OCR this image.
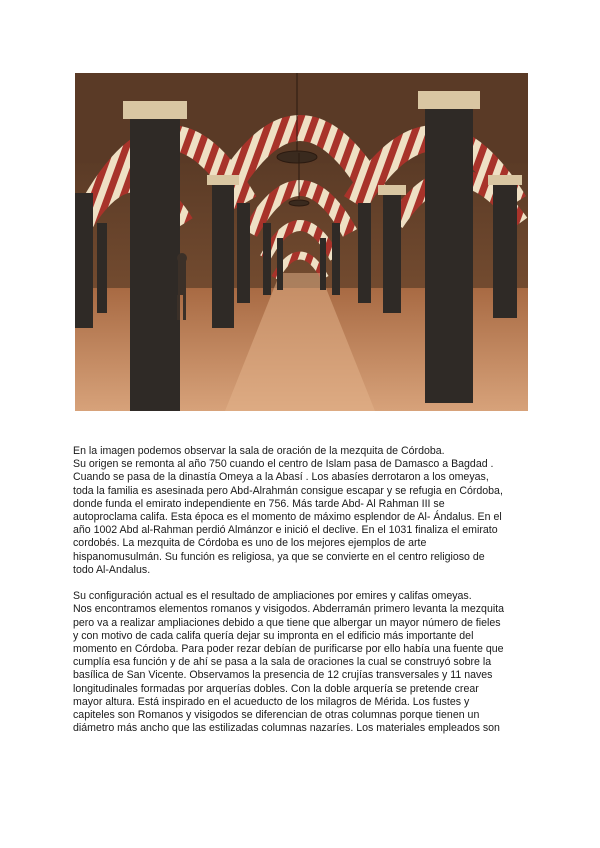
En la imagen podemos observar la sala de oración de la mezquita de Córdoba.
Su origen se remonta al año 750 cuando el centro de Islam pasa de Damasco a Bagdad .
Cuando se pasa de la dinastía Omeya a la Abasí . Los abasíes derrotaron a los omeyas,
toda la familia es asesinada pero Abd-Alrahmán consigue escapar y se refugia en Córdoba,
donde funda el emirato independiente en 756. Más tarde Abd- Al Rahman III se
autoproclama califa. Esta época es el momento de máximo esplendor de Al- Ándalus. En el
año 1002 Abd al-Rahman perdió Almánzor e inició el declive. En el 1031 finaliza el emirato
cordobés. La mezquita de Córdoba es uno de los mejores ejemplos de arte
hispanomusulmán. Su función es religiosa, ya que se convierte en el centro religioso de
todo Al-Andalus.

Su configuración actual es el resultado de ampliaciones por emires y califas omeyas.
Nos encontramos elementos romanos y visigodos. Abderramán primero levanta la mezquita
pero va a realizar ampliaciones debido a que tiene que albergar un mayor número de fieles
y con motivo de cada califa quería dejar su impronta en el edificio más importante del
momento en Córdoba. Para poder rezar debían de purificarse por ello había una fuente que
cumplía esa función y de ahí se pasa a la sala de oraciones la cual se construyó sobre la
basílica de San Vicente. Observamos la presencia de 12 crujías transversales y 11 naves
longitudinales formadas por arquerías dobles. Con la doble arquería se pretende crear
mayor altura. Está inspirado en el acueducto de los milagros de Mérida. Los fustes y
capiteles son Romanos y visigodos se diferencian de otras columnas porque tienen un
diámetro más ancho que las estilizadas columnas nazaríes. Los materiales empleados son
